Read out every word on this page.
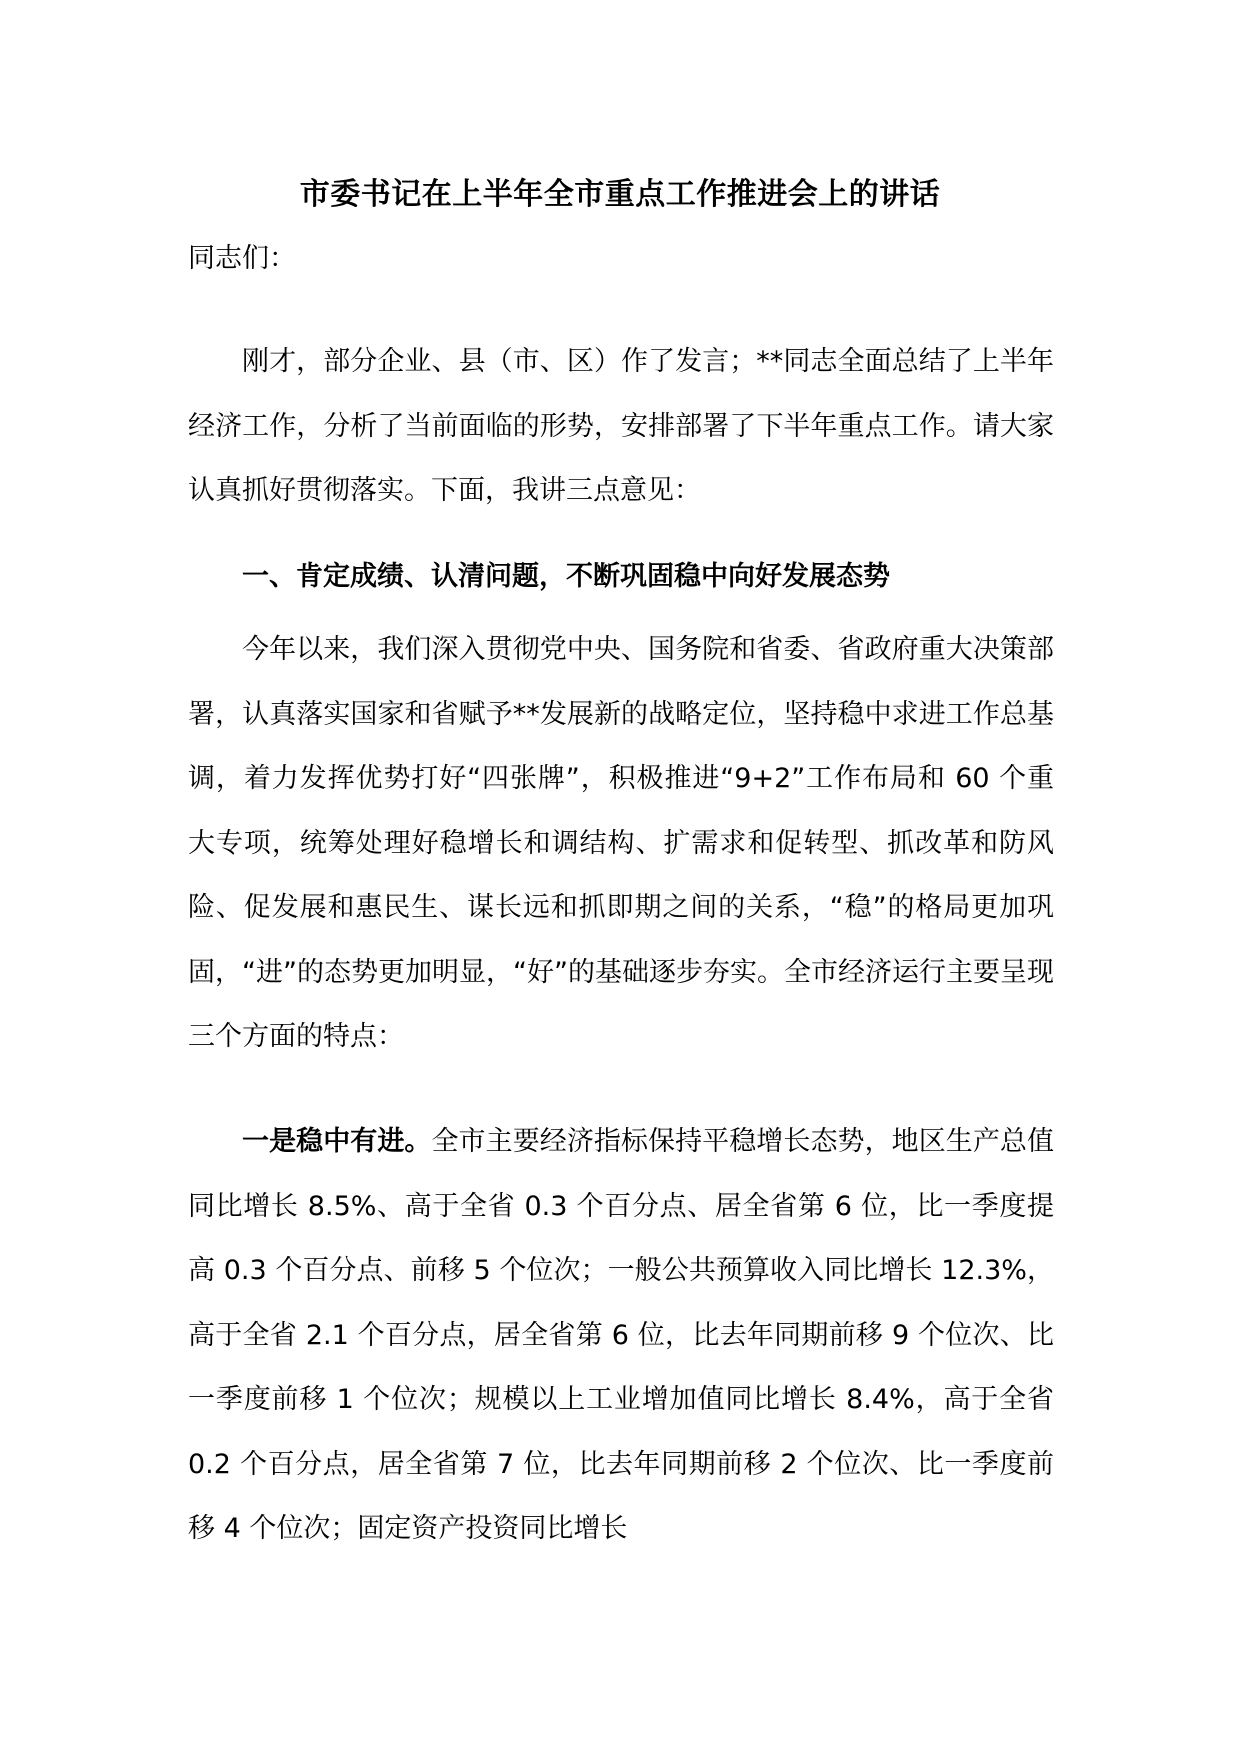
市委书记在上半年全市重点工作推进会上的讲话
同志们：
刚才，部分企业、县（市、区）作了发言；**同志全面总结了上半年经济工作，分析了当前面临的形势，安排部署了下半年重点工作。请大家认真抓好贯彻落实。下面，我讲三点意见：
一、肯定成绩、认清问题，不断巩固稳中向好发展态势
今年以来，我们深入贯彻党中央、国务院和省委、省政府重大决策部署，认真落实国家和省赋予**发展新的战略定位，坚持稳中求进工作总基调，着力发挥优势打好“四张牌”，积极推进“9+2”工作布局和 60 个重大专项，统筹处理好稳增长和调结构、扩需求和促转型、抓改革和防风险、促发展和惠民生、谋长远和抓即期之间的关系，“稳”的格局更加巩固，“进”的态势更加明显，“好”的基础逐步夯实。全市经济运行主要呈现三个方面的特点：
一是稳中有进。全市主要经济指标保持平稳增长态势，地区生产总值同比增长 8.5%、高于全省 0.3 个百分点、居全省第 6 位，比一季度提高 0.3 个百分点、前移 5 个位次；一般公共预算收入同比增长 12.3%，高于全省 2.1 个百分点，居全省第 6 位，比去年同期前移 9 个位次、比一季度前移 1 个位次；规模以上工业增加值同比增长 8.4%，高于全省 0.2 个百分点，居全省第 7 位，比去年同期前移 2 个位次、比一季度前移 4 个位次；固定资产投资同比增长
